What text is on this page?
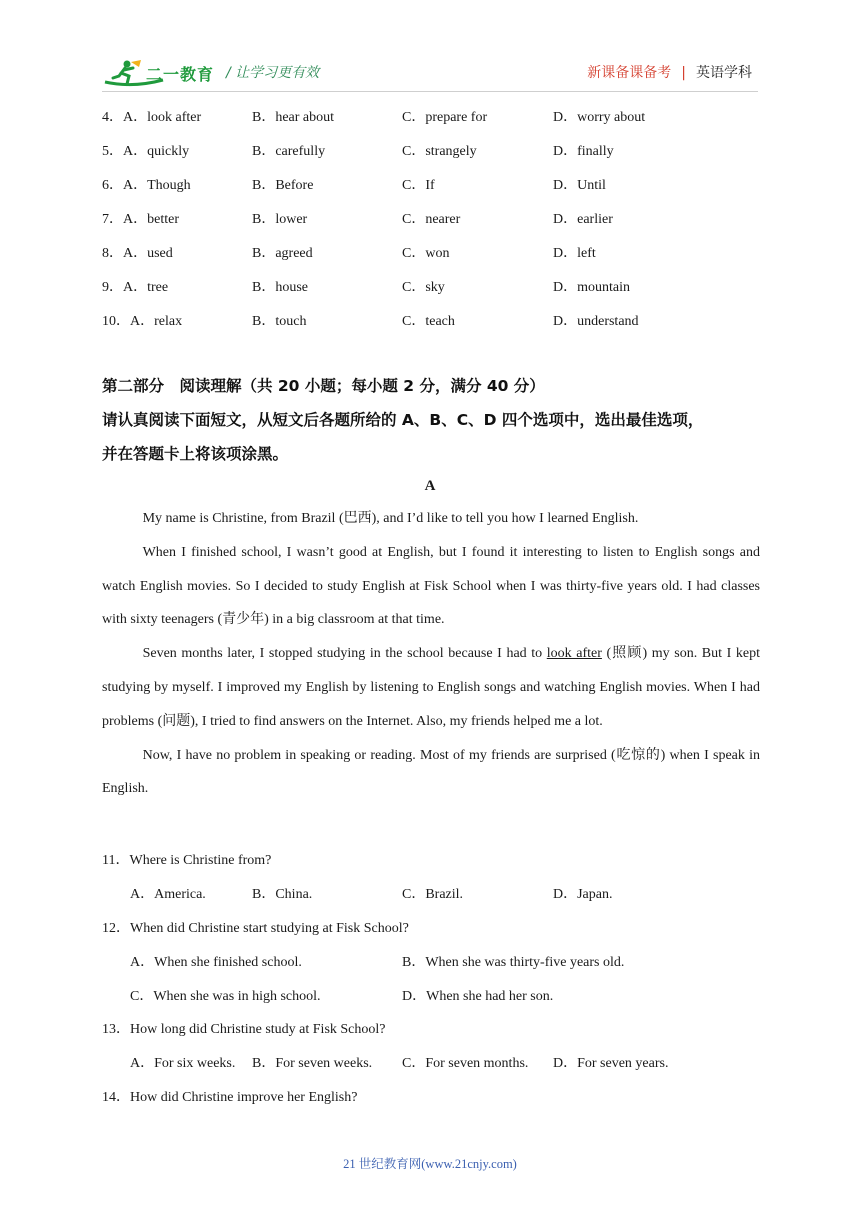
二一教育 / 让学习更有效	新课备课备考 | 英语学科
4．A．look after	B．hear about	C．prepare for	D．worry about
5．A．quickly	B．carefully	C．strangely	D．finally
6．A．Though	B．Before	C．If	D．Until
7．A．better	B．lower	C．nearer	D．earlier
8．A．used	B．agreed	C．won	D．left
9．A．tree	B．house	C．sky	D．mountain
10．A．relax	B．touch	C．teach	D．understand
第二部分　阅读理解（共 20 小题；每小题 2 分，满分 40 分）
请认真阅读下面短文，从短文后各题所给的 A、B、C、D 四个选项中，选出最佳选项，
并在答题卡上将该项涂黑。
A

My name is Christine, from Brazil (巴西), and I’d like to tell you how I learned English.

When I finished school, I wasn’t good at English, but I found it interesting to listen to English songs and watch English movies. So I decided to study English at Fisk School when I was thirty-five years old. I had classes with sixty teenagers (青少年) in a big classroom at that time.

Seven months later, I stopped studying in the school because I had to look after (照顾) my son. But I kept studying by myself. I improved my English by listening to English songs and watching English movies. When I had problems (问题), I tried to find answers on the Internet. Also, my friends helped me a lot.

Now, I have no problem in speaking or reading. Most of my friends are surprised (吃惊的) when I speak in English.

11．Where is Christine from?
A．America.	B．China.	C．Brazil.	D．Japan.
12．When did Christine start studying at Fisk School?
A．When she finished school.	B．When she was thirty-five years old.
C．When she was in high school.	D．When she had her son.
13．How long did Christine study at Fisk School?
A．For six weeks. B．For seven weeks. C．For seven months. D．For seven years.
14．How did Christine improve her English?
21 世纪教育网(www.21cnjy.com)
